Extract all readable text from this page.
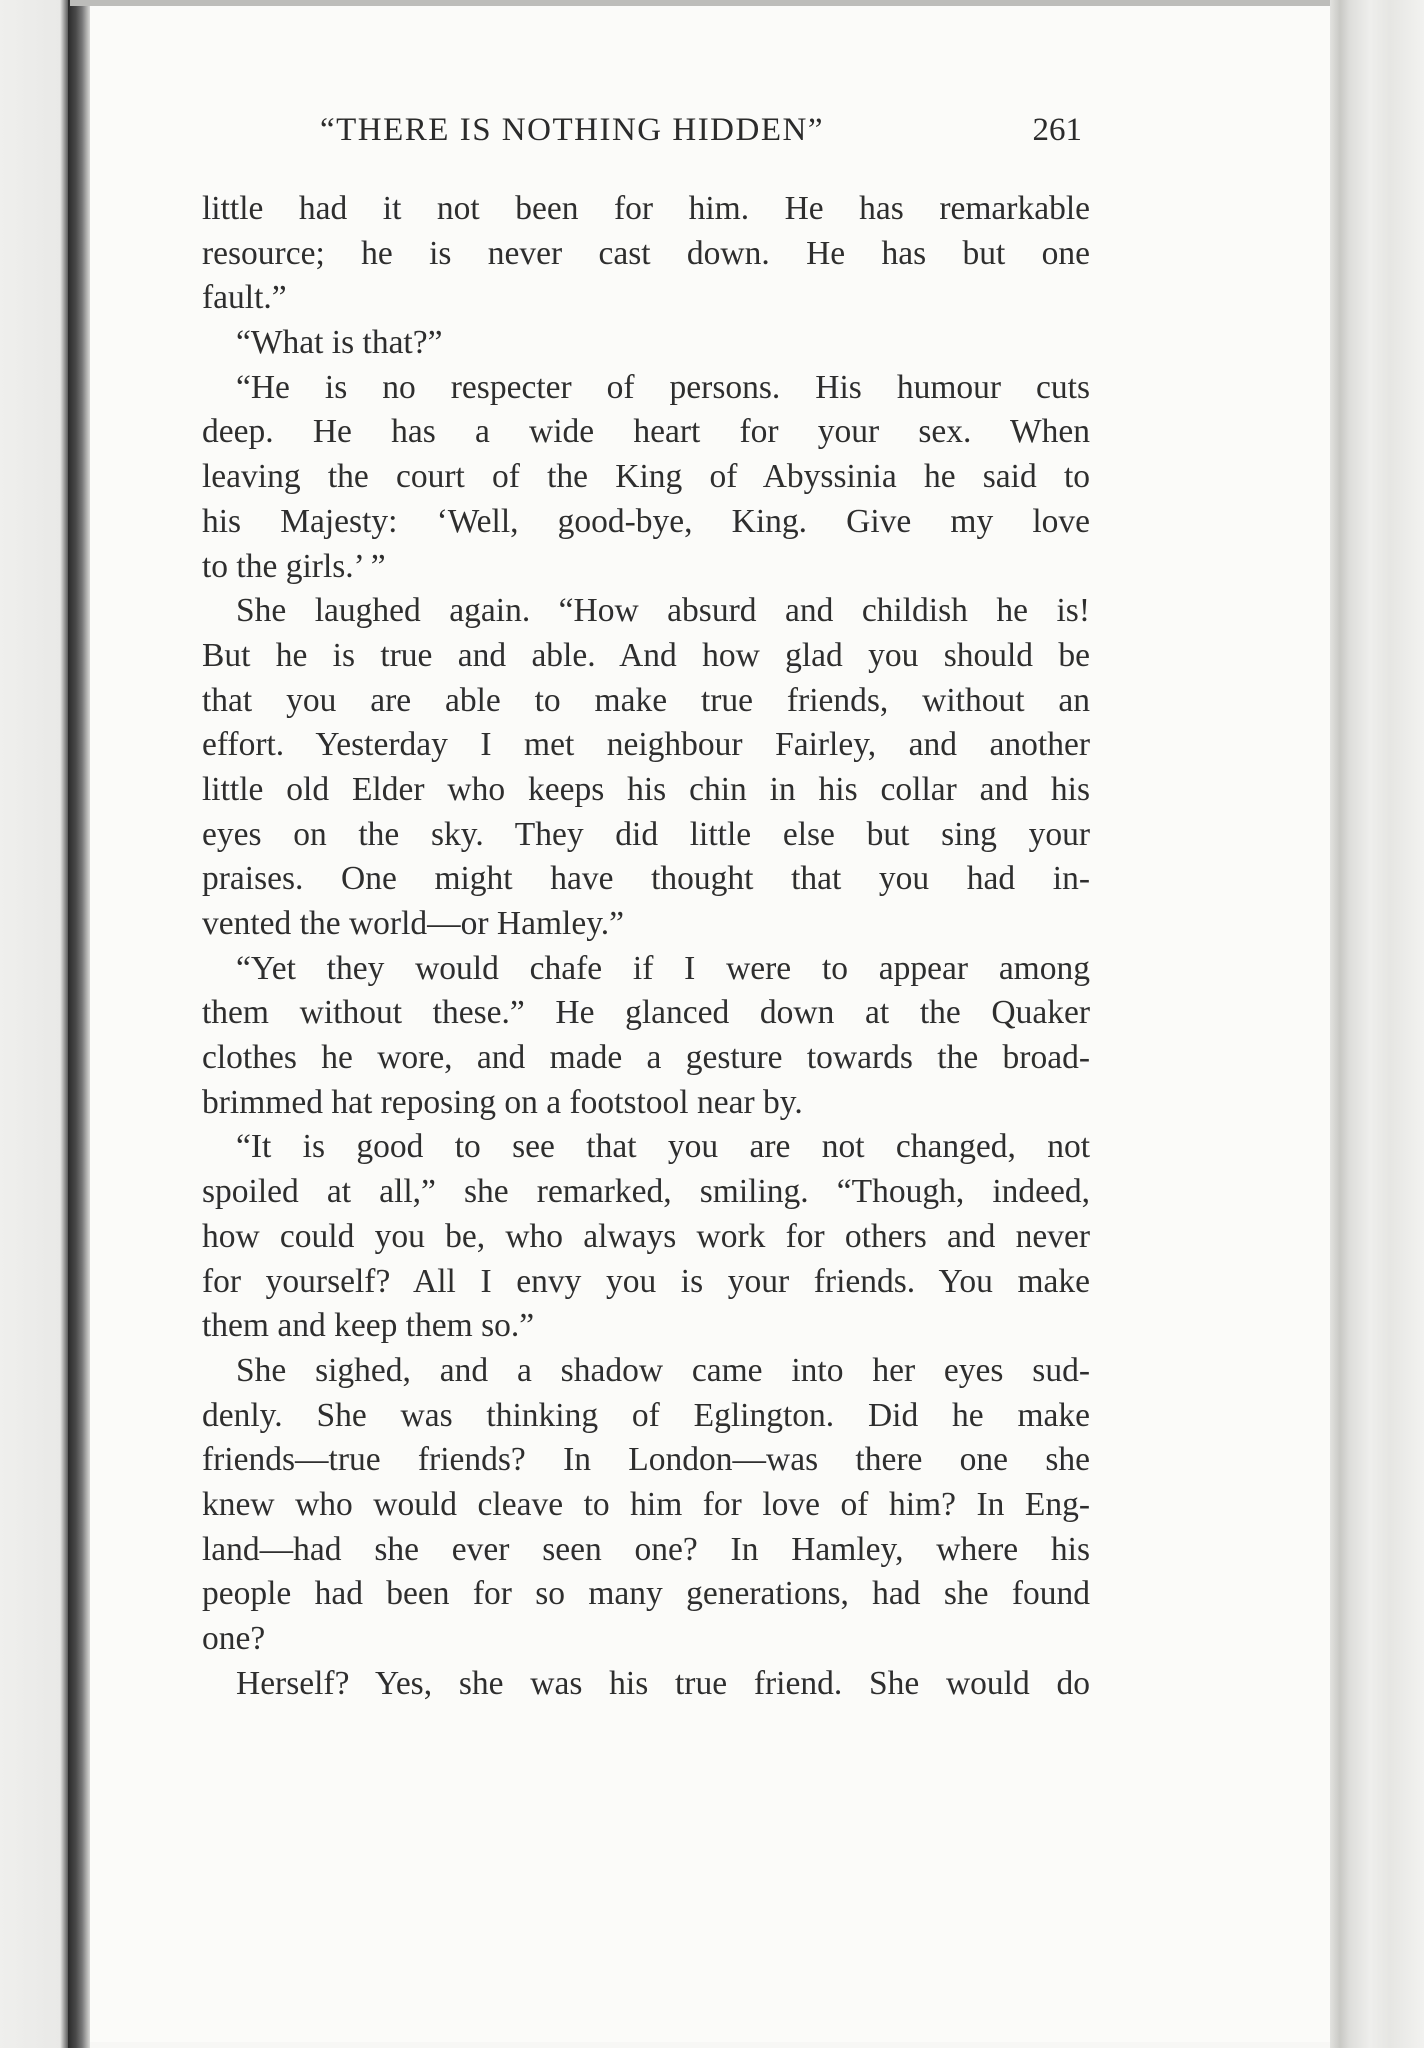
“THERE IS NOTHING HIDDEN”	261
little had it not been for him. He has remarkable
resource; he is never cast down. He has but one
fault.”
“What is that?”
“He is no respecter of persons. His humour cuts
deep. He has a wide heart for your sex. When
leaving the court of the King of Abyssinia he said to
his Majesty: ‘Well, good-bye, King. Give my love
to the girls.’ ”
She laughed again. “How absurd and childish he is!
But he is true and able. And how glad you should be
that you are able to make true friends, without an
effort. Yesterday I met neighbour Fairley, and another
little old Elder who keeps his chin in his collar and his
eyes on the sky. They did little else but sing your
praises. One might have thought that you had in-
vented the world—or Hamley.”
“Yet they would chafe if I were to appear among
them without these.” He glanced down at the Quaker
clothes he wore, and made a gesture towards the broad-
brimmed hat reposing on a footstool near by.
“It is good to see that you are not changed, not
spoiled at all,” she remarked, smiling. “Though, indeed,
how could you be, who always work for others and never
for yourself? All I envy you is your friends. You make
them and keep them so.”
She sighed, and a shadow came into her eyes sud-
denly. She was thinking of Eglington. Did he make
friends—true friends? In London—was there one she
knew who would cleave to him for love of him? In Eng-
land—had she ever seen one? In Hamley, where his
people had been for so many generations, had she found
one?
Herself? Yes, she was his true friend. She would do
